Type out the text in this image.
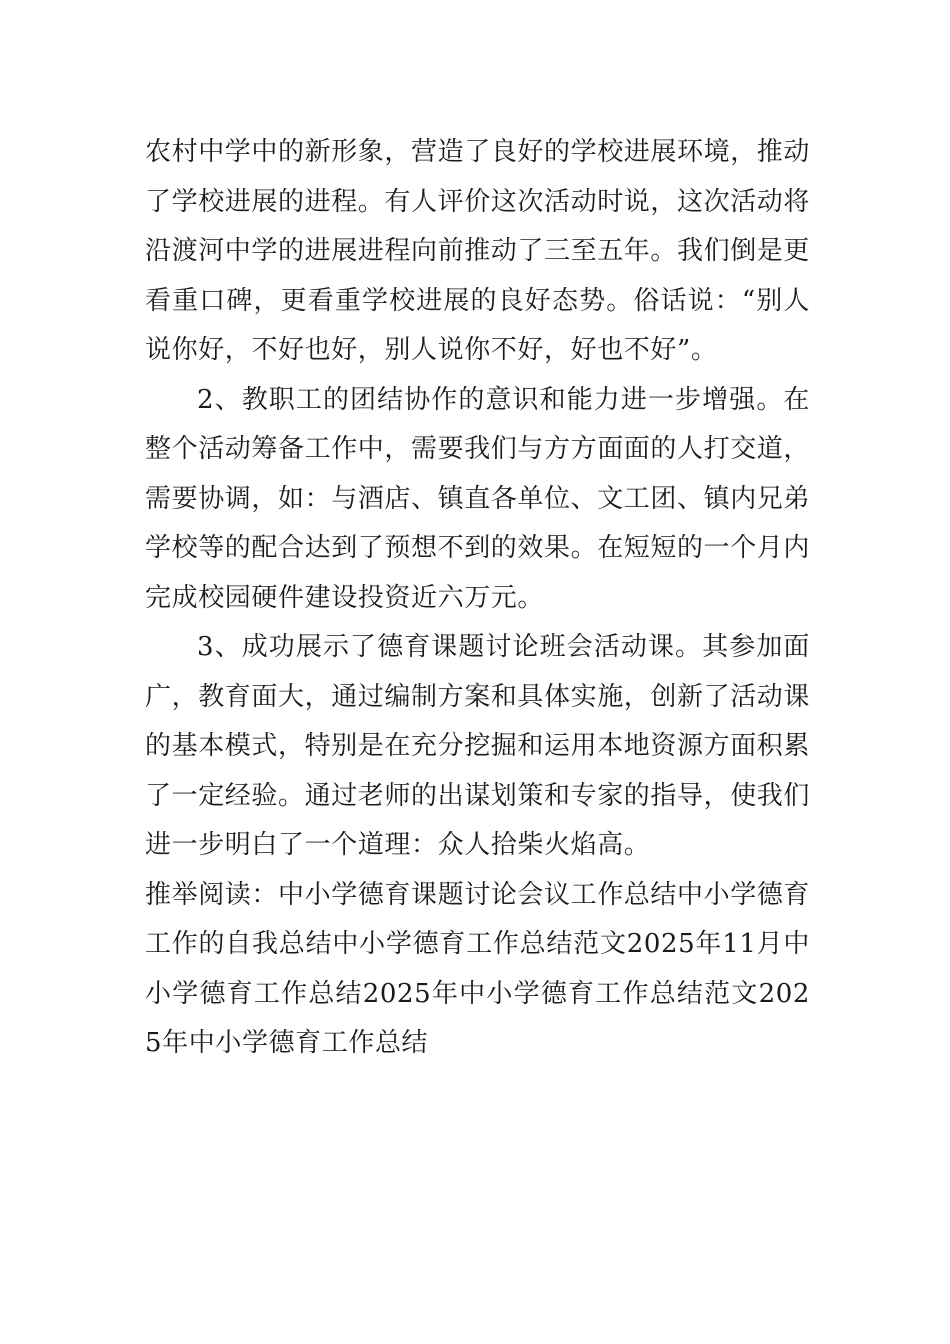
农村中学中的新形象，营造了良好的学校进展环境，推动了学校进展的进程。有人评价这次活动时说，这次活动将沿渡河中学的进展进程向前推动了三至五年。我们倒是更看重口碑，更看重学校进展的良好态势。俗话说：“别人说你好，不好也好，别人说你不好，好也不好”。

2、教职工的团结协作的意识和能力进一步增强。在整个活动筹备工作中，需要我们与方方面面的人打交道，需要协调，如：与酒店、镇直各单位、文工团、镇内兄弟学校等的配合达到了预想不到的效果。在短短的一个月内完成校园硬件建设投资近六万元。

3、成功展示了德育课题讨论班会活动课。其参加面广，教育面大，通过编制方案和具体实施，创新了活动课的基本模式，特别是在充分挖掘和运用本地资源方面积累了一定经验。通过老师的出谋划策和专家的指导，使我们进一步明白了一个道理：众人拾柴火焰高。

推举阅读：中小学德育课题讨论会议工作总结中小学德育工作的自我总结中小学德育工作总结范文2025年11月中小学德育工作总结2025年中小学德育工作总结范文2025年中小学德育工作总结
